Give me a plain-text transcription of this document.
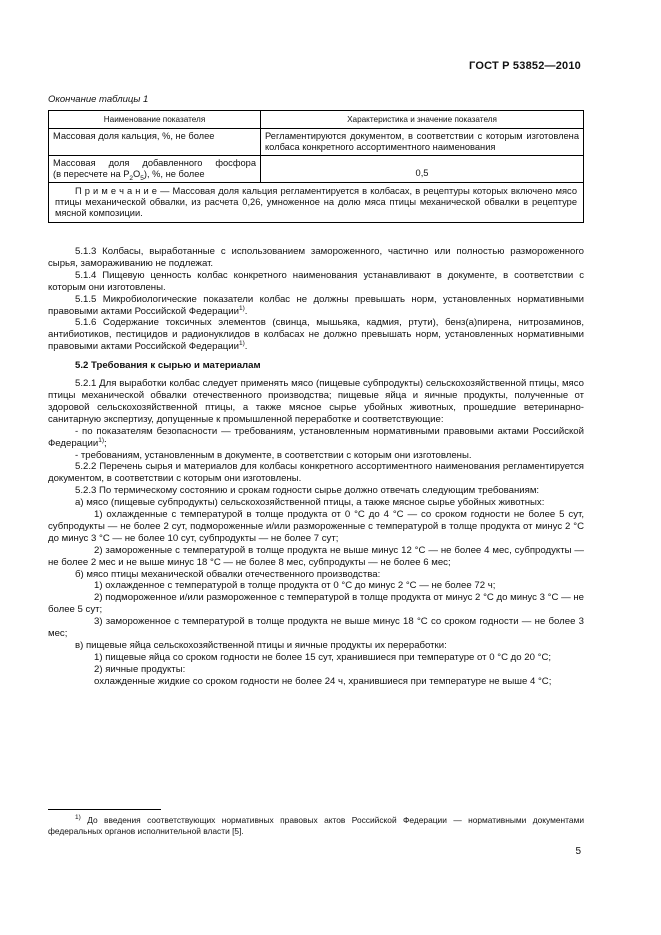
ГОСТ Р 53852—2010
Окончание таблицы 1
Наименование показателя	Характеристика и значение показателя
Массовая доля кальция, %, не более	Регламентируются документом, в соответствии с которым изготовлена колбаса конкретного ассортиментного наименования

Массовая доля добавленного фосфора
(в пересчете на $P_2O_5$), %, не более	0,5
П р и м е ч а н и е — Массовая доля кальция регламентируется в колбасах, в рецептуры которых включено мясо птицы механической обвалки, из расчета 0,26, умноженное на долю мяса птицы механической обвалки в рецептуре мясной композиции.	

5.1.3 Колбасы, выработанные с использованием замороженного, частично или полностью размороженного сырья, замораживанию не подлежат.

5.1.4 Пищевую ценность колбас конкретного наименования устанавливают в документе, в соответствии с которым они изготовлены.

5.1.5 Микробиологические показатели колбас не должны превышать норм, установленных нормативными правовыми актами Российской Федерации$^{1)}$.

5.1.6 Содержание токсичных элементов (свинца, мышьяка, кадмия, ртути), бенз(а)пирена, нитрозаминов, антибиотиков, пестицидов и радионуклидов в колбасах не должно превышать норм, установленных нормативными правовыми актами Российской Федерации$^{1)}$.

5.2 Требования к сырью и материалам

5.2.1 Для выработки колбас следует применять мясо (пищевые субпродукты) сельскохозяйственной птицы, мясо птицы механической обвалки отечественного производства; пищевые яйца и яичные продукты, полученные от здоровой сельскохозяйственной птицы, а также мясное сырье убойных животных, прошедшие ветеринарно-санитарную экспертизу, допущенные к промышленной переработке и соответствующие:

- по показателям безопасности — требованиям, установленным нормативными правовыми актами Российской Федерации$^{1)}$;

- требованиям, установленным в документе, в соответствии с которым они изготовлены.

5.2.2 Перечень сырья и материалов для колбасы конкретного ассортиментного наименования регламентируется документом, в соответствии с которым они изготовлены.

5.2.3 По термическому состоянию и срокам годности сырье должно отвечать следующим требованиям:

а) мясо (пищевые субпродукты) сельскохозяйственной птицы, а также мясное сырье убойных животных:

1) охлажденные с температурой в толще продукта от 0 °С до 4 °С — со сроком годности не более 5 сут, субпродукты — не более 2 сут, подмороженные и/или размороженные с температурой в толще продукта от минус 2 °С до минус 3 °С — не более 10 сут, субпродукты — не более 7 сут;

2) замороженные с температурой в толще продукта не выше минус 12 °С — не более 4 мес, субпродукты — не более 2 мес и не выше минус 18 °С — не более 8 мес, субпродукты — не более 6 мес;

б) мясо птицы механической обвалки отечественного производства:

1) охлажденное с температурой в толще продукта от 0 °С до минус 2 °С — не более 72 ч;

2) подмороженное и/или размороженное с температурой в толще продукта от минус 2 °С до минус 3 °С — не более 5 сут;

3) замороженное с температурой в толще продукта не выше минус 18 °С со сроком годности — не более 3 мес;

в) пищевые яйца сельскохозяйственной птицы и яичные продукты их переработки:

1) пищевые яйца со сроком годности не более 15 сут, хранившиеся при температуре от 0 °С до 20 °С;

2) яичные продукты:

охлажденные жидкие со сроком годности не более 24 ч, хранившиеся при температуре не выше 4 °С;

$^{1)}$ До введения соответствующих нормативных правовых актов Российской Федерации — нормативными документами федеральных органов исполнительной власти [5].
5
